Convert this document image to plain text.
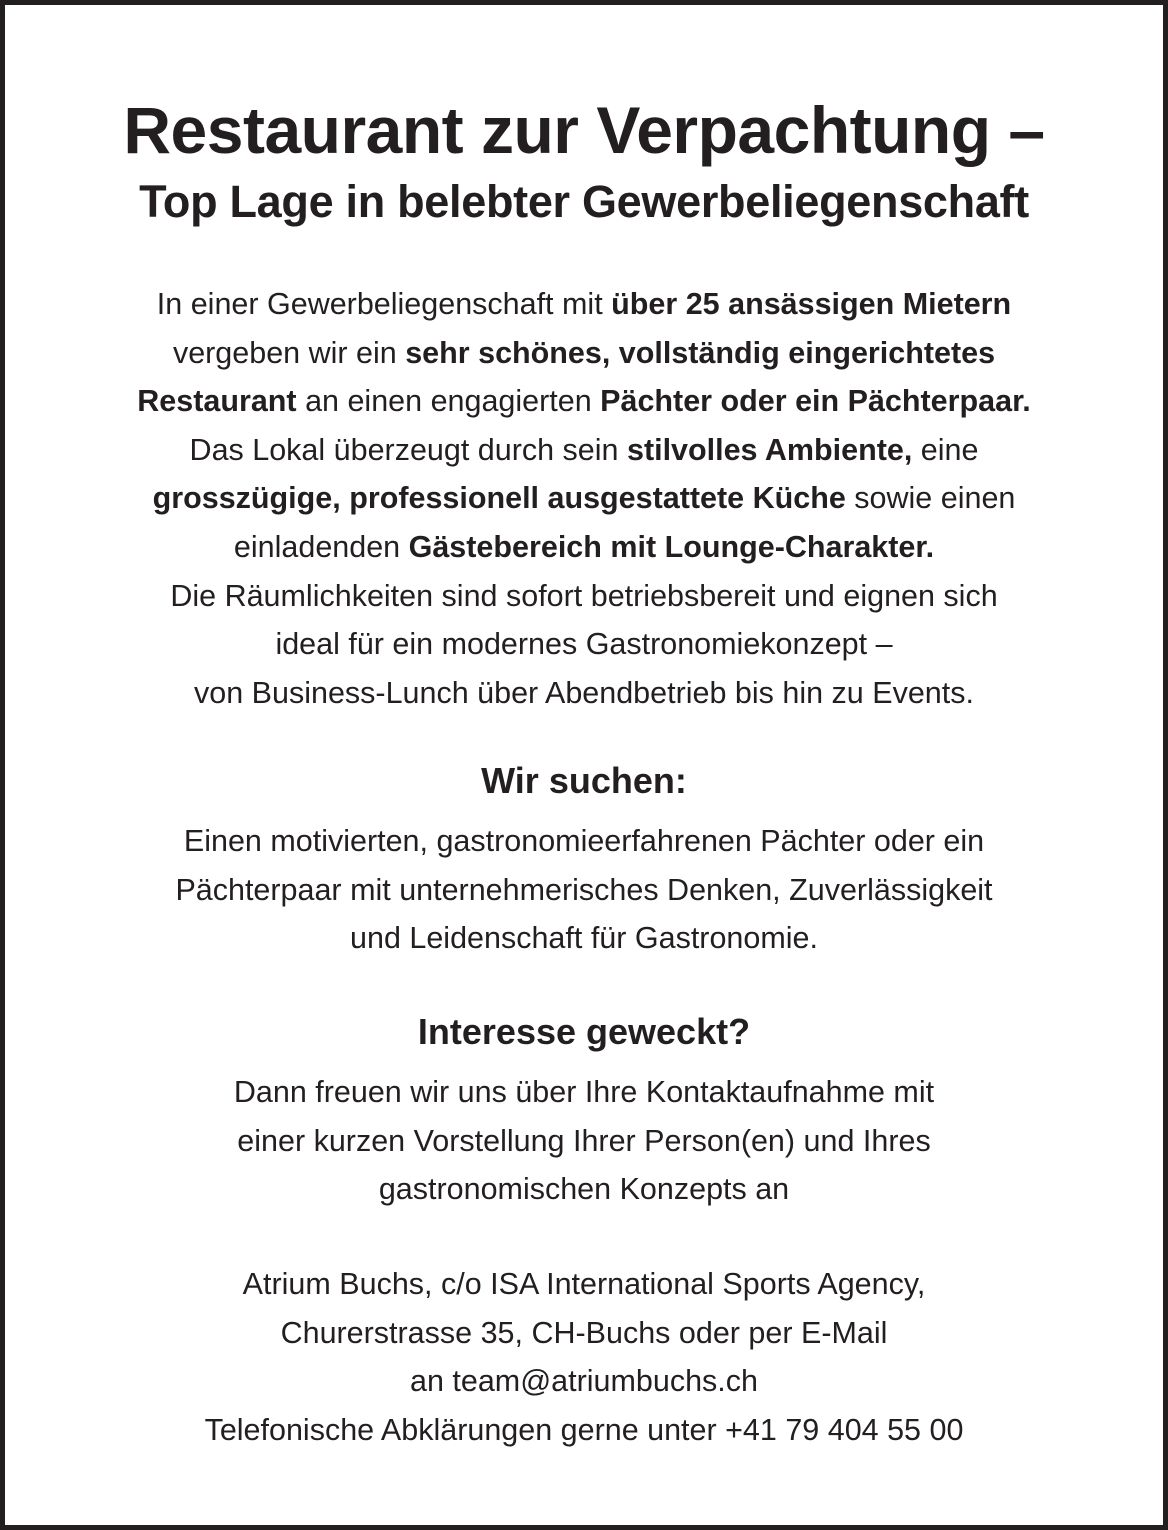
Restaurant zur Verpachtung –
Top Lage in belebter Gewerbeliegenschaft
In einer Gewerbeliegenschaft mit über 25 ansässigen Mietern
vergeben wir ein sehr schönes, vollständig eingerichtetes
Restaurant an einen engagierten Pächter oder ein Pächterpaar.
Das Lokal überzeugt durch sein stilvolles Ambiente, eine
grosszügige, professionell ausgestattete Küche sowie einen
einladenden Gästebereich mit Lounge-Charakter.
Die Räumlichkeiten sind sofort betriebsbereit und eignen sich
ideal für ein modernes Gastronomiekonzept –
von Business-Lunch über Abendbetrieb bis hin zu Events.
Wir suchen:
Einen motivierten, gastronomieerfahrenen Pächter oder ein
Pächterpaar mit unternehmerisches Denken, Zuverlässigkeit
und Leidenschaft für Gastronomie.
Interesse geweckt?
Dann freuen wir uns über Ihre Kontaktaufnahme mit
einer kurzen Vorstellung Ihrer Person(en) und Ihres
gastronomischen Konzepts an
Atrium Buchs, c/o ISA International Sports Agency,
Churerstrasse 35, CH-Buchs oder per E-Mail
an team@atriumbuchs.ch
Telefonische Abklärungen gerne unter +41 79 404 55 00
